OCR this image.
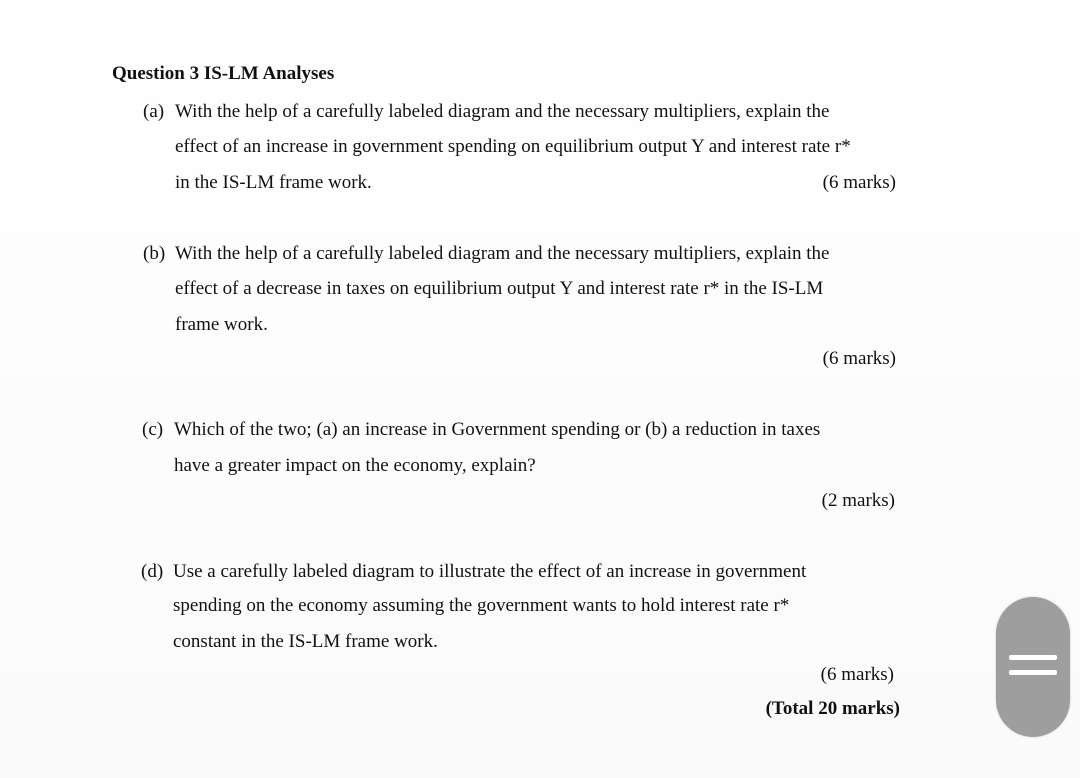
Question 3 IS-LM Analyses
(a) With the help of a carefully labeled diagram and the necessary multipliers, explain the
effect of an increase in government spending on equilibrium output Y and interest rate r*
in the IS-LM frame work.	(6 marks)
(b) With the help of a carefully labeled diagram and the necessary multipliers, explain the
effect of a decrease in taxes on equilibrium output Y and interest rate r* in the IS-LM
frame work.
(6 marks)
(c) Which of the two; (a) an increase in Government spending or (b) a reduction in taxes
have a greater impact on the economy, explain?
(2 marks)
(d) Use a carefully labeled diagram to illustrate the effect of an increase in government
spending on the economy assuming the government wants to hold interest rate r*
constant in the IS-LM frame work.
(6 marks)
(Total 20 marks)
